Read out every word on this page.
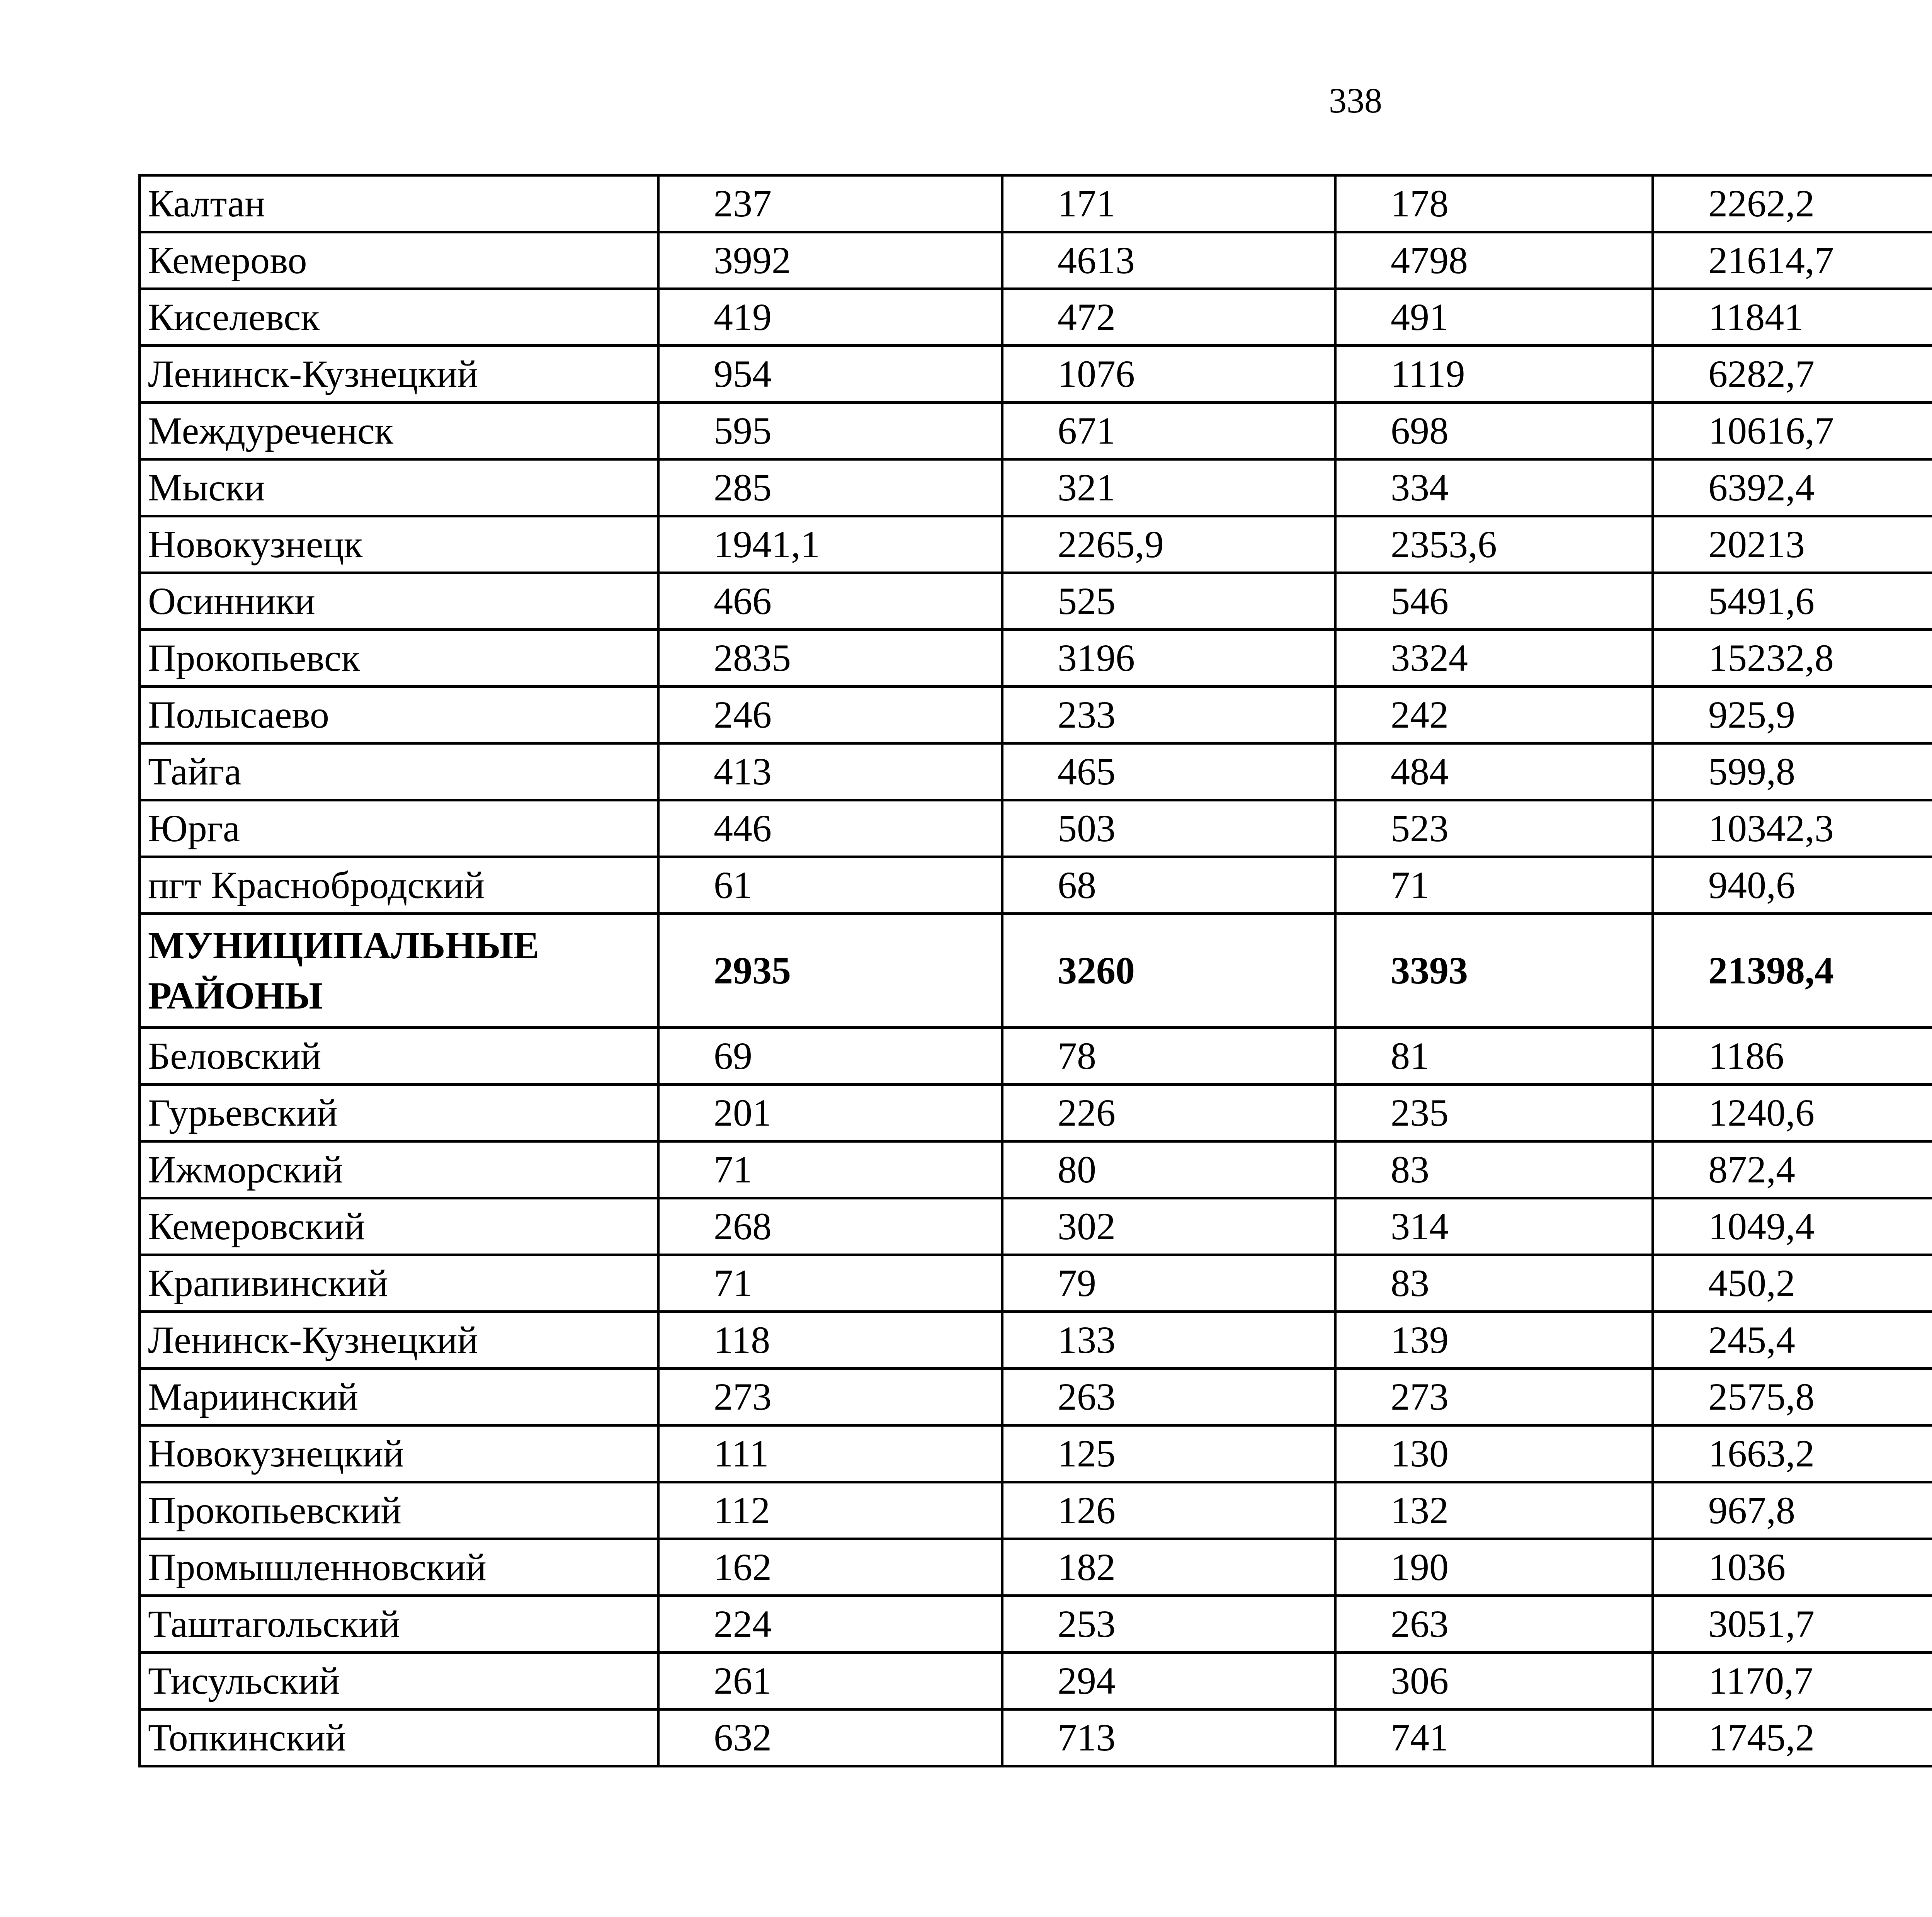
338
Калтан	237	171	178	2262,2		
Кемерово	3992	4613	4798	21614,7		
Киселевск	419	472	491	11841		
Ленинск-Кузнецкий	954	1076	1119	6282,7		
Междуреченск	595	671	698	10616,7		
Мыски	285	321	334	6392,4		
Новокузнецк	1941,1	2265,9	2353,6	20213		
Осинники	466	525	546	5491,6		
Прокопьевск	2835	3196	3324	15232,8		
Полысаево	246	233	242	925,9		
Тайга	413	465	484	599,8		
Юрга	446	503	523	10342,3		
пгт Краснобродский	61	68	71	940,6		
МУНИЦИПАЛЬНЫЕ РАЙОНЫ	2935	3260	3393	21398,4		
Беловский	69	78	81	1186		
Гурьевский	201	226	235	1240,6		
Ижморский	71	80	83	872,4		
Кемеровский	268	302	314	1049,4		
Крапивинский	71	79	83	450,2		
Ленинск-Кузнецкий	118	133	139	245,4		
Мариинский	273	263	273	2575,8		
Новокузнецкий	111	125	130	1663,2		
Прокопьевский	112	126	132	967,8		
Промышленновский	162	182	190	1036		
Таштагольский	224	253	263	3051,7		
Тисульский	261	294	306	1170,7		
Топкинский	632	713	741	1745,2		
